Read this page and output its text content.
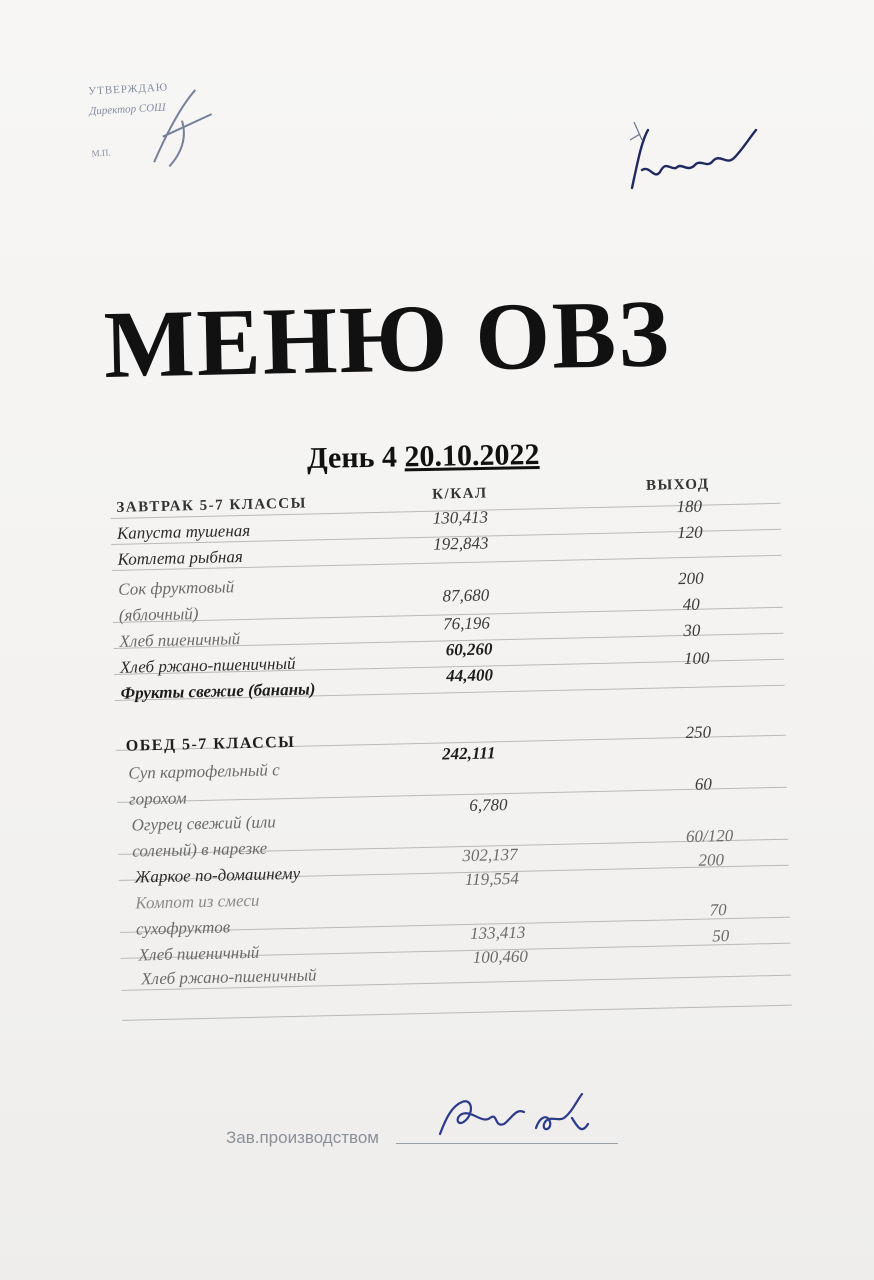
УТВЕРЖДАЮ
Директор СОШ
М.П.
МЕНЮ ОВЗ
День 4 20.10.2022
ЗАВТРАК 5-7 КЛАССЫ
К/КАЛ
ВЫХОД
Капуста тушеная
130,413
180
Котлета рыбная
192,843
120
Сок фруктовый
(яблочный)
87,680
200
Хлеб пшеничный
76,196
40
Хлеб ржано-пшеничный
60,260
30
Фрукты свежие (бананы)
44,400
100
ОБЕД 5-7 КЛАССЫ
Суп картофельный с
горохом
242,111
250
Огурец свежий (или
соленый) в нарезке
6,780
60
Жаркое по-домашнему
302,137
60/120
Компот из смеси
сухофруктов
119,554
200
Хлеб пшеничный
133,413
70
Хлеб ржано-пшеничный
100,460
50
Зав.производством
